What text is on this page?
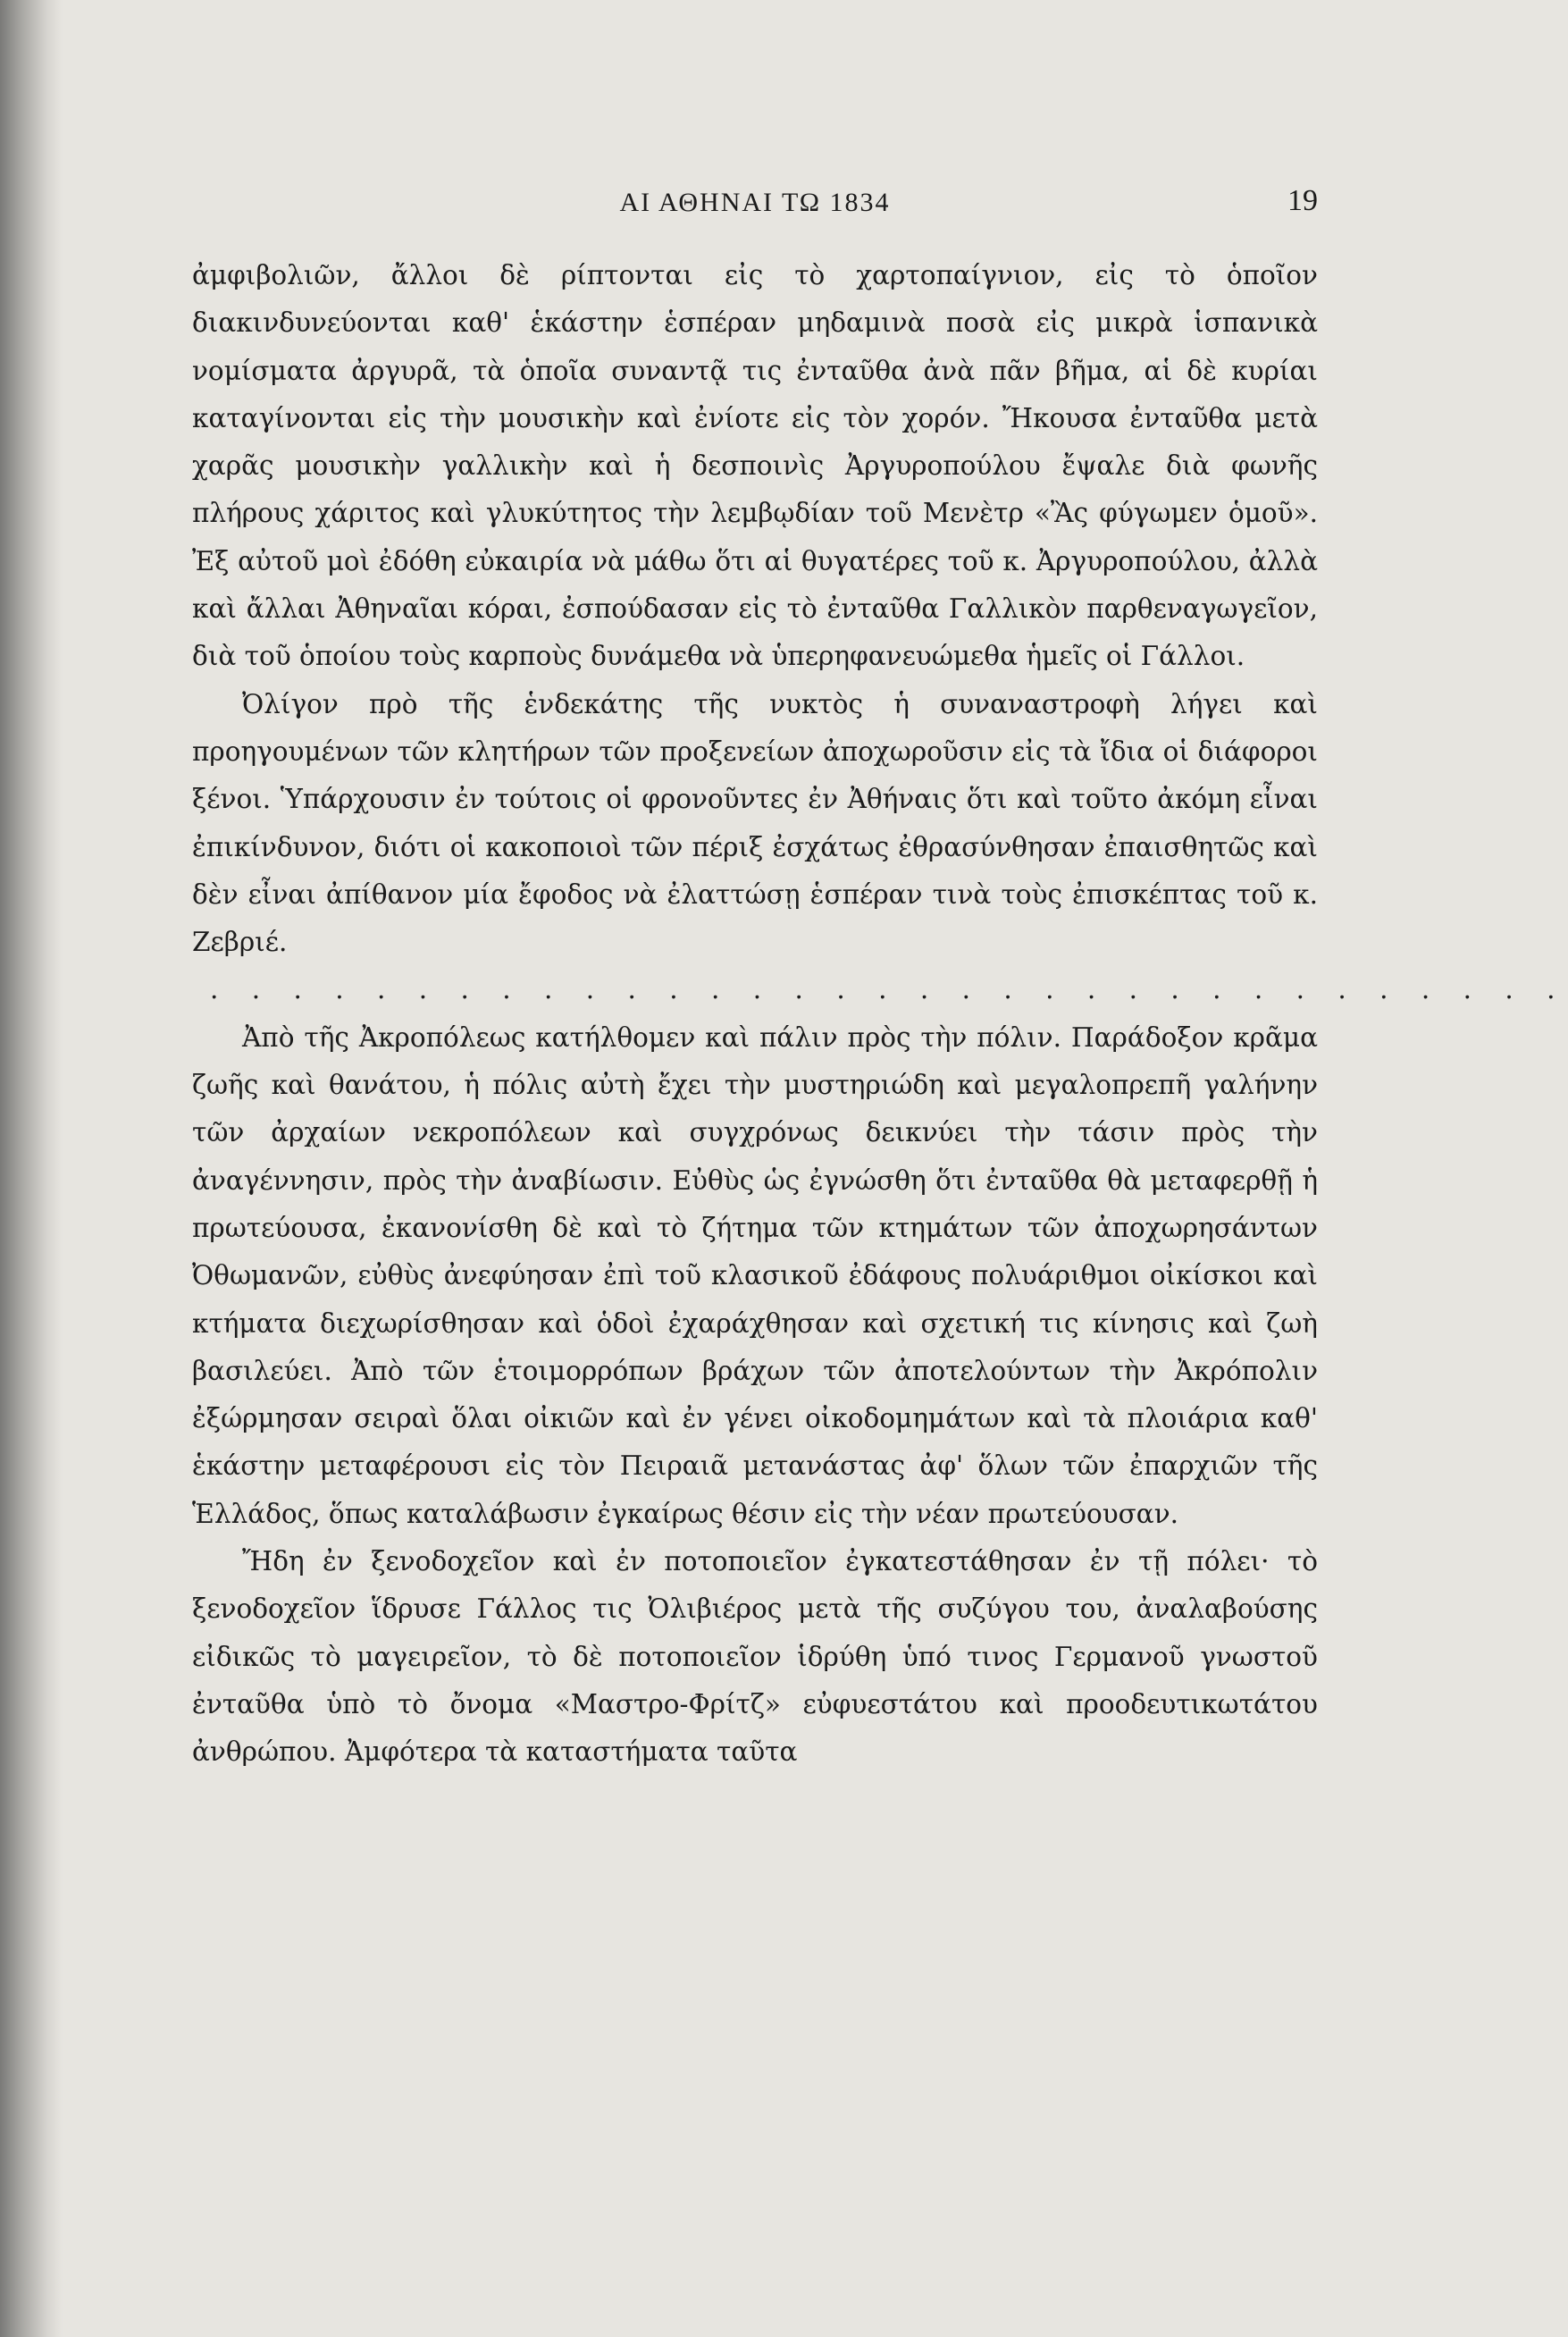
ΑΙ ΑΘΗΝΑΙ ΤΩ 1834	19

ἀμφιβολιῶν, ἄλλοι δὲ ρίπτονται εἰς τὸ χαρτοπαίγνιον, εἰς τὸ ὁποῖον διακινδυνεύονται καθ' ἑκάστην ἑσπέραν μηδαμινὰ ποσὰ εἰς μικρὰ ἱσπανικὰ νομίσματα ἀργυρᾶ, τὰ ὁποῖα συναντᾷ τις ἐνταῦθα ἀνὰ πᾶν βῆμα, αἱ δὲ κυρίαι καταγίνονται εἰς τὴν μουσικὴν καὶ ἐνίοτε εἰς τὸν χορόν. Ἤκουσα ἐνταῦθα μετὰ χαρᾶς μουσικὴν γαλλικὴν καὶ ἡ δεσποινὶς Ἀργυροπούλου ἔψαλε διὰ φωνῆς πλήρους χάριτος καὶ γλυκύτητος τὴν λεμβῳδίαν τοῦ Μενὲτρ «Ἂς φύγωμεν ὁμοῦ». Ἐξ αὐτοῦ μοὶ ἐδόθη εὐκαιρία νὰ μάθω ὅτι αἱ θυγατέρες τοῦ κ. Ἀργυροπούλου, ἀλλὰ καὶ ἄλλαι Ἀθηναῖαι κόραι, ἐσπούδασαν εἰς τὸ ἐνταῦθα Γαλλικὸν παρθεναγωγεῖον, διὰ τοῦ ὁποίου τοὺς καρποὺς δυνάμεθα νὰ ὑπερηφανευώμεθα ἡμεῖς οἱ Γάλλοι.

Ὀλίγον πρὸ τῆς ἑνδεκάτης τῆς νυκτὸς ἡ συναναστροφὴ λήγει καὶ προηγουμένων τῶν κλητήρων τῶν προξενείων ἀποχωροῦσιν εἰς τὰ ἴδια οἱ διάφοροι ξένοι. Ὑπάρχουσιν ἐν τούτοις οἱ φρονοῦντες ἐν Ἀθήναις ὅτι καὶ τοῦτο ἀκόμη εἶναι ἐπικίνδυνον, διότι οἱ κακοποιοὶ τῶν πέριξ ἐσχάτως ἐθρασύνθησαν ἐπαισθητῶς καὶ δὲν εἶναι ἀπίθανον μία ἔφοδος νὰ ἐλαττώσῃ ἑσπέραν τινὰ τοὺς ἐπισκέπτας τοῦ κ. Ζεβριέ.

. . . . . . . . . . . . . . . . . . . . . . . . . . . . . . . . .

Ἀπὸ τῆς Ἀκροπόλεως κατήλθομεν καὶ πάλιν πρὸς τὴν πόλιν. Παράδοξον κρᾶμα ζωῆς καὶ θανάτου, ἡ πόλις αὐτὴ ἔχει τὴν μυστηριώδη καὶ μεγαλοπρεπῆ γαλήνην τῶν ἀρχαίων νεκροπόλεων καὶ συγχρόνως δεικνύει τὴν τάσιν πρὸς τὴν ἀναγέννησιν, πρὸς τὴν ἀναβίωσιν. Εὐθὺς ὡς ἐγνώσθη ὅτι ἐνταῦθα θὰ μεταφερθῇ ἡ πρωτεύουσα, ἐκανονίσθη δὲ καὶ τὸ ζήτημα τῶν κτημάτων τῶν ἀποχωρησάντων Ὀθωμανῶν, εὐθὺς ἀνεφύησαν ἐπὶ τοῦ κλασικοῦ ἐδάφους πολυάριθμοι οἰκίσκοι καὶ κτήματα διεχωρίσθησαν καὶ ὁδοὶ ἐχαράχθησαν καὶ σχετική τις κίνησις καὶ ζωὴ βασιλεύει. Ἀπὸ τῶν ἑτοιμορρόπων βράχων τῶν ἀποτελούντων τὴν Ἀκρόπολιν ἐξώρμησαν σειραὶ ὅλαι οἰκιῶν καὶ ἐν γένει οἰκοδομημάτων καὶ τὰ πλοιάρια καθ' ἑκάστην μεταφέρουσι εἰς τὸν Πειραιᾶ μετανάστας ἀφ' ὅλων τῶν ἐπαρχιῶν τῆς Ἑλλάδος, ὅπως καταλάβωσιν ἐγκαίρως θέσιν εἰς τὴν νέαν πρωτεύουσαν.

Ἤδη ἐν ξενοδοχεῖον καὶ ἐν ποτοποιεῖον ἐγκατεστάθησαν ἐν τῇ πόλει· τὸ ξενοδοχεῖον ἵδρυσε Γάλλος τις Ὀλιβιέρος μετὰ τῆς συζύγου του, ἀναλαβούσης εἰδικῶς τὸ μαγειρεῖον, τὸ δὲ ποτοποιεῖον ἱδρύθη ὑπό τινος Γερμανοῦ γνωστοῦ ἐνταῦθα ὑπὸ τὸ ὄνομα «Μαστρο-Φρίτζ» εὐφυεστάτου καὶ προοδευτικωτάτου ἀνθρώπου. Ἀμφότερα τὰ καταστήματα ταῦτα
